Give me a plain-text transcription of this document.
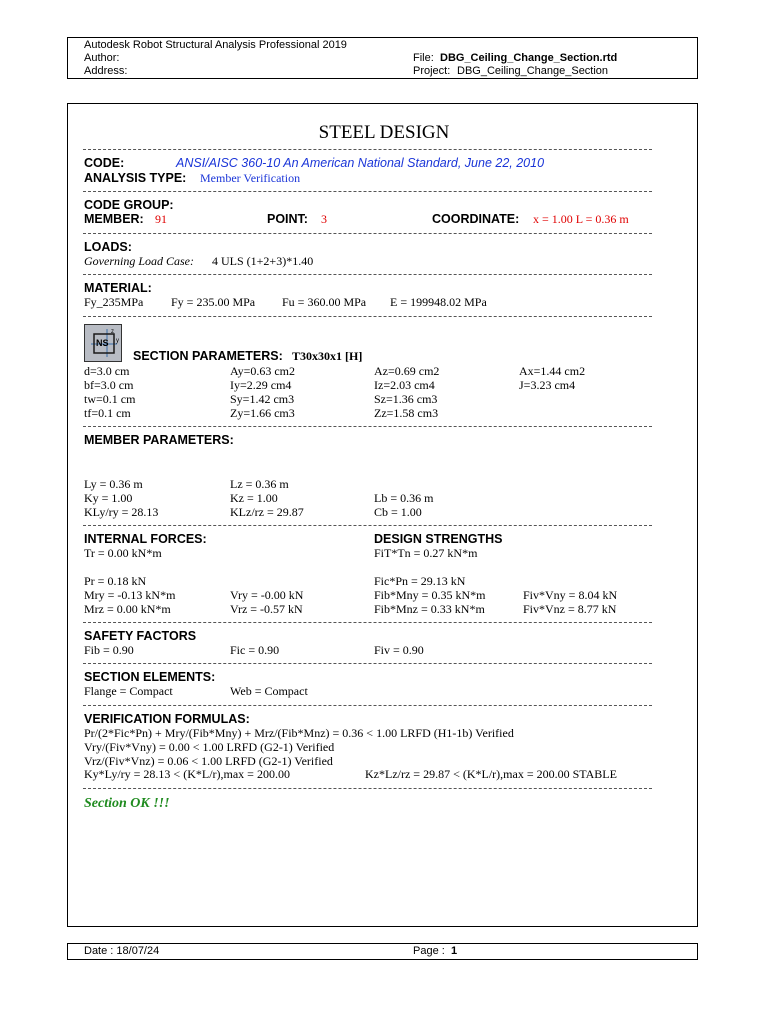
Autodesk Robot Structural Analysis Professional 2019
Author:
Address:
File: DBG_Ceiling_Change_Section.rtd
Project: DBG_Ceiling_Change_Section
STEEL DESIGN
CODE:	ANSI/AISC 360-10 An American National Standard, June 22, 2010
ANALYSIS TYPE: Member Verification
CODE GROUP:
MEMBER: 91	POINT: 3	COORDINATE: x = 1.00 L = 0.36 m
LOADS:
Governing Load Case: 4 ULS (1+2+3)*1.40
MATERIAL:
Fy_235MPa Fy = 235.00 MPa Fu = 360.00 MPa E = 199948.02 MPa
z
y
NS
SECTION PARAMETERS: T30x30x1 [H]
d=3.0 cm	Ay=0.63 cm2	Az=0.69 cm2	Ax=1.44 cm2
bf=3.0 cm	Iy=2.29 cm4	Iz=2.03 cm4	J=3.23 cm4
tw=0.1 cm	Sy=1.42 cm3	Sz=1.36 cm3
tf=0.1 cm	Zy=1.66 cm3	Zz=1.58 cm3
MEMBER PARAMETERS:
Ly = 0.36 m	Lz = 0.36 m
Ky = 1.00	Kz = 1.00	Lb = 0.36 m
KLy/ry = 28.13	KLz/rz = 29.87	Cb = 1.00
INTERNAL FORCES:	DESIGN STRENGTHS
Tr = 0.00 kN*m	FiT*Tn = 0.27 kN*m
Pr = 0.18 kN	Fic*Pn = 29.13 kN
Mry = -0.13 kN*m	Vry = -0.00 kN	Fib*Mny = 0.35 kN*m	Fiv*Vny = 8.04 kN
Mrz = 0.00 kN*m	Vrz = -0.57 kN	Fib*Mnz = 0.33 kN*m	Fiv*Vnz = 8.77 kN
SAFETY FACTORS
Fib = 0.90	Fic = 0.90	Fiv = 0.90
SECTION ELEMENTS:
Flange = Compact	Web = Compact
VERIFICATION FORMULAS:
Pr/(2*Fic*Pn) + Mry/(Fib*Mny) + Mrz/(Fib*Mnz) = 0.36 < 1.00 LRFD (H1-1b) Verified
Vry/(Fiv*Vny) = 0.00 < 1.00 LRFD (G2-1) Verified
Vrz/(Fiv*Vnz) = 0.06 < 1.00 LRFD (G2-1) Verified
Ky*Ly/ry = 28.13 < (K*L/r),max = 200.00	Kz*Lz/rz = 29.87 < (K*L/r),max = 200.00 STABLE
Section OK !!!
Date : 18/07/24	Page : 1
